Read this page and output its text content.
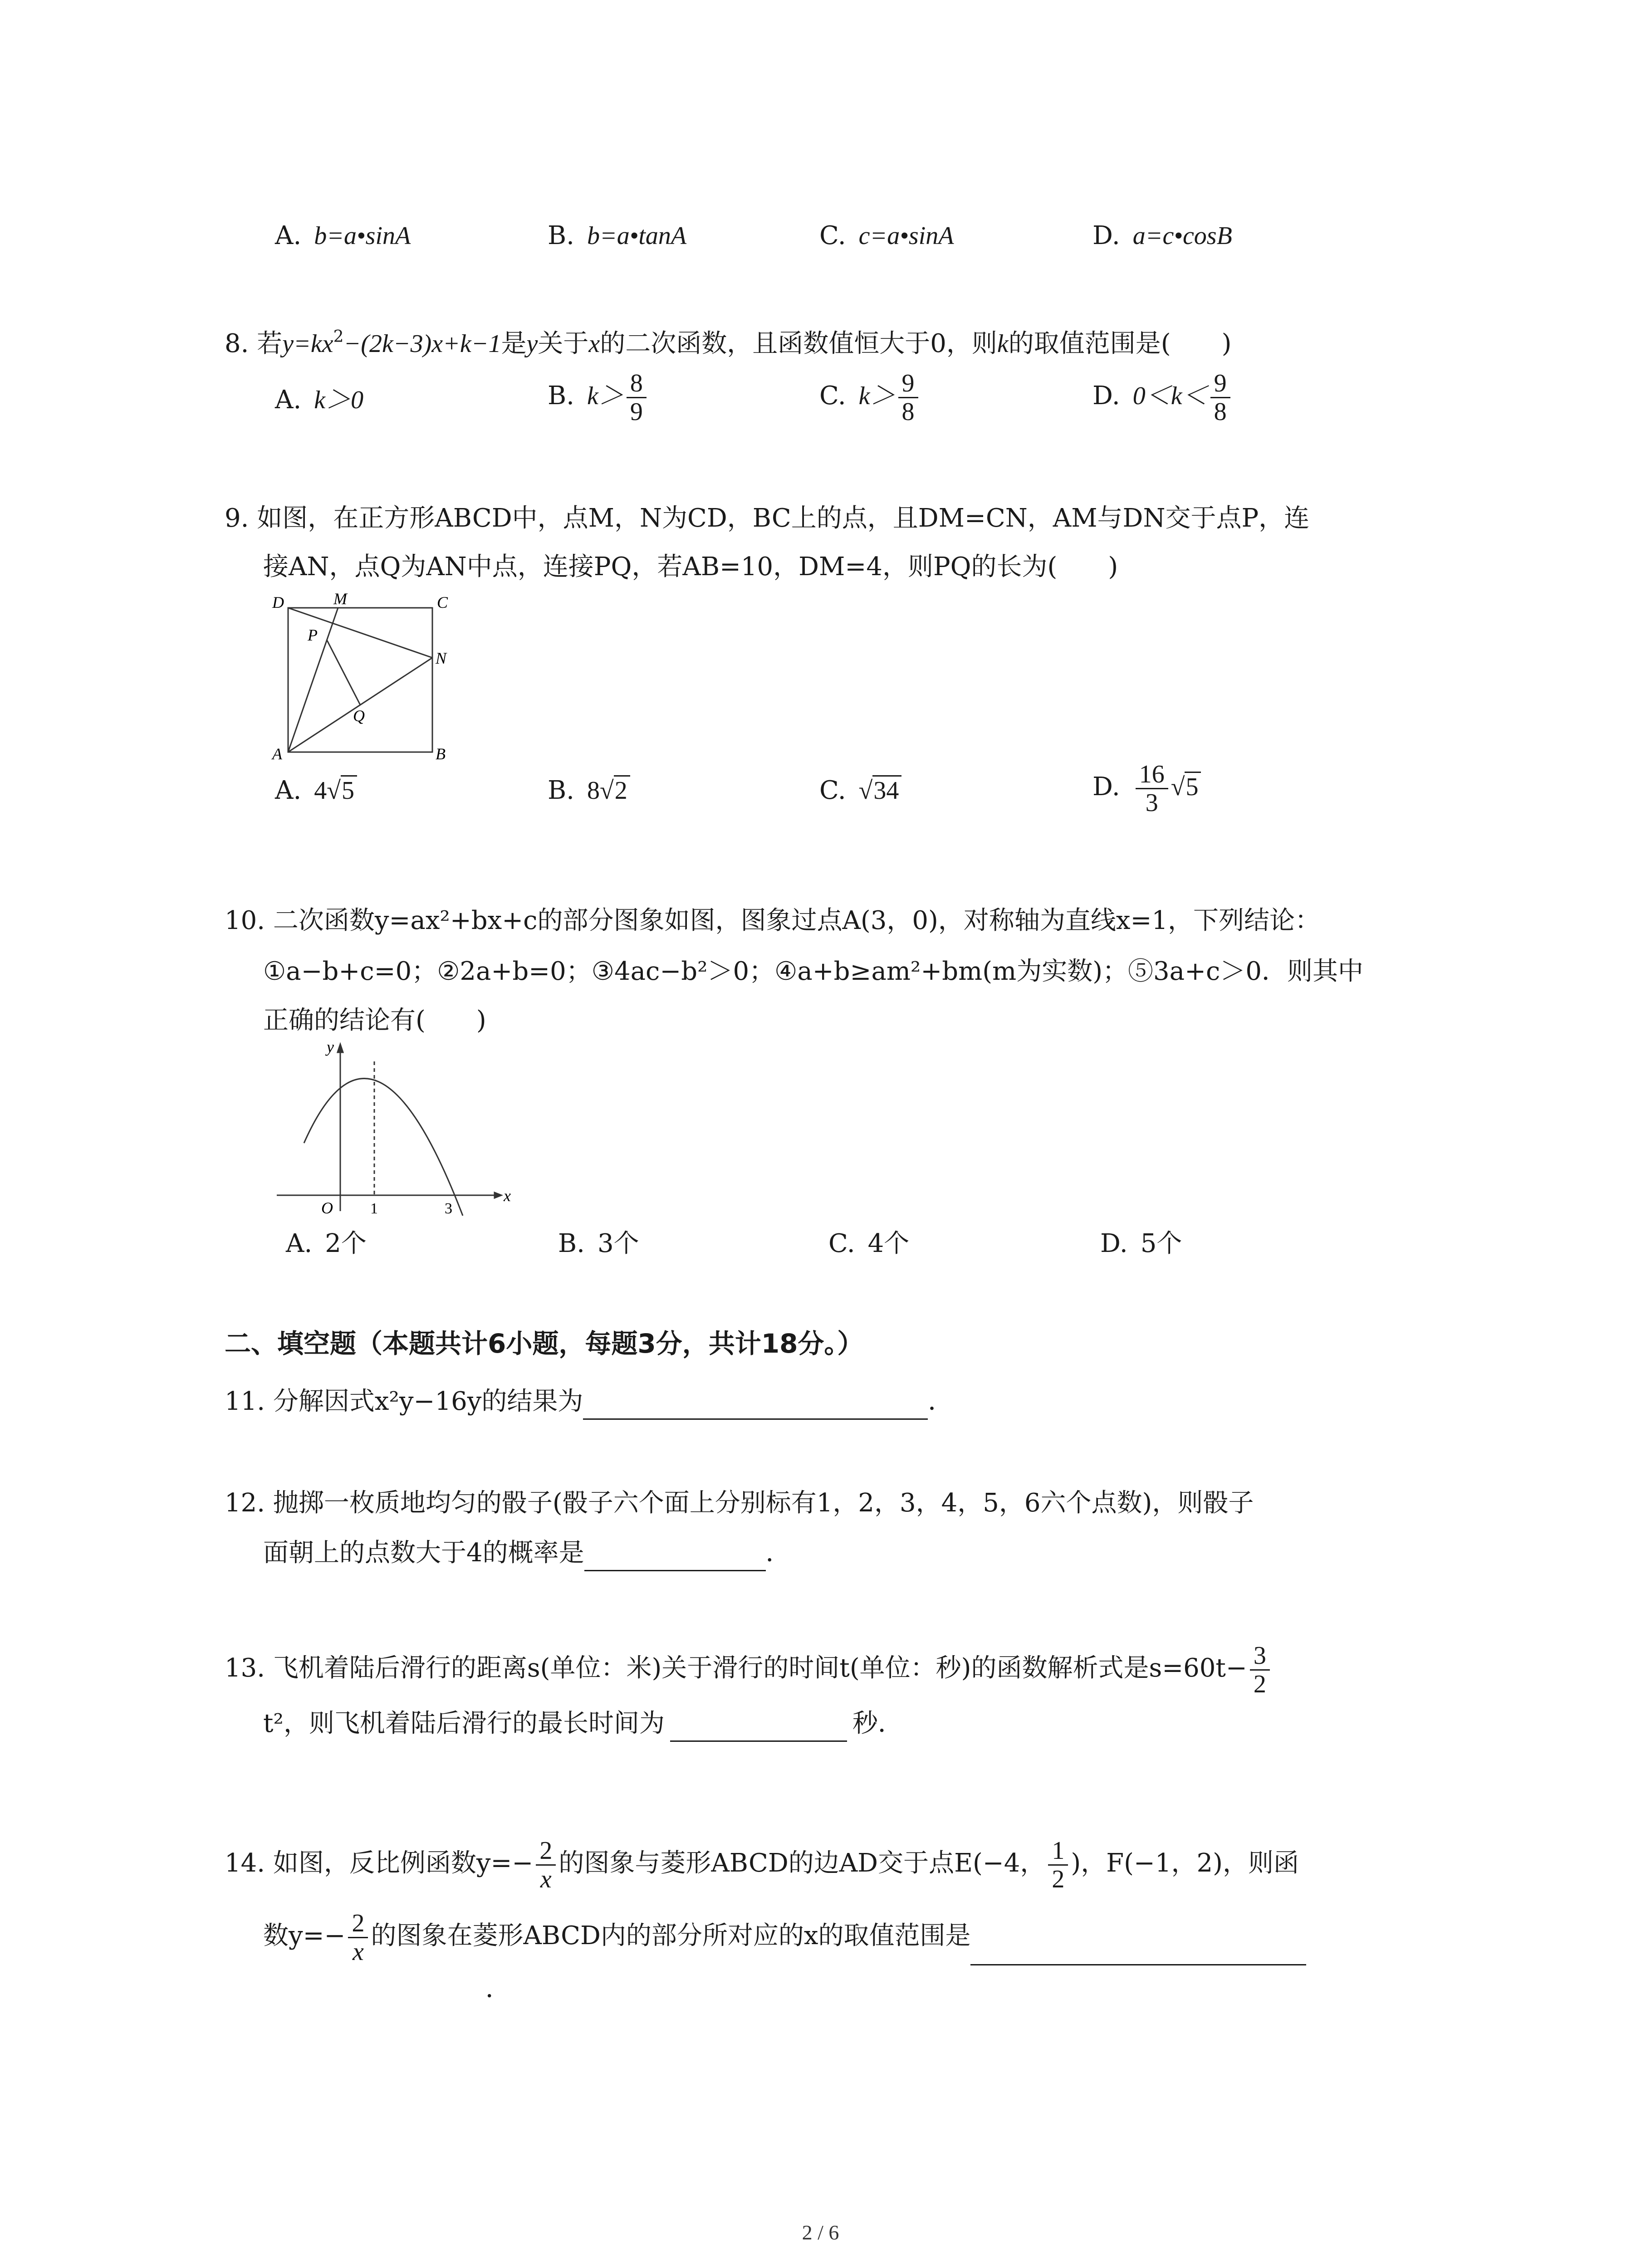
A. b=a•sinA	B. b=a•tanA	C. c=a•sinA	D. a=c•cosB
8. 若$y=kx^2-(2k-3)x+k-1$是y关于x的二次函数，且函数值恒大于0，则k的取值范围是(　　)
A. k＞0	B. $k> \frac{8}{9}$	C. $k> \frac{9}{8}$	D. $0<k< \frac{9}{8}$
9. 如图，在正方形ABCD中，点M，N为CD，BC上的点，且DM=CN，AM与DN交于点P，连
接AN，点Q为AN中点，连接PQ，若AB=10，DM=4，则PQ的长为(　　)
D	M	C
P
N
Q
A	B
A. 4√5	B. 8√2	C. √34	D. $\frac{16}{3} √5$
10. 二次函数y=ax²+bx+c的部分图象如图，图象过点A(3，0)，对称轴为直线x=1，下列结论：
①a−b+c=0；②2a+b=0；③4ac−b²＞0；④a+b≥am²+bm(m为实数)；⑤3a+c＞0．则其中
正确的结论有(　　)
y
x
O 1	3
A. 2个	B. 3个	C. 4个	D. 5个
二、填空题（本题共计6小题，每题3分，共计18分。）
11. 分解因式x²y−16y的结果为	．
12. 抛掷一枚质地均匀的骰子(骰子六个面上分别标有1，2，3，4，5，6六个点数)，则骰子
面朝上的点数大于4的概率是	．
13. 飞机着陆后滑行的距离s(单位：米)关于滑行的时间t(单位：秒)的函数解析式是$s=60t- \frac{3}{2}$
t²，则飞机着陆后滑行的最长时间为	秒．
14. 如图，反比例函数$y=- \frac{2}{x}$ 的图象与菱形ABCD的边AD交于点E(−4， $\frac{1}{2}$ )，F(−1，2)，则函
数$y=- \frac{2}{x}$ 的图象在菱形ABCD内的部分所对应的x的取值范围是
．
2 / 6
